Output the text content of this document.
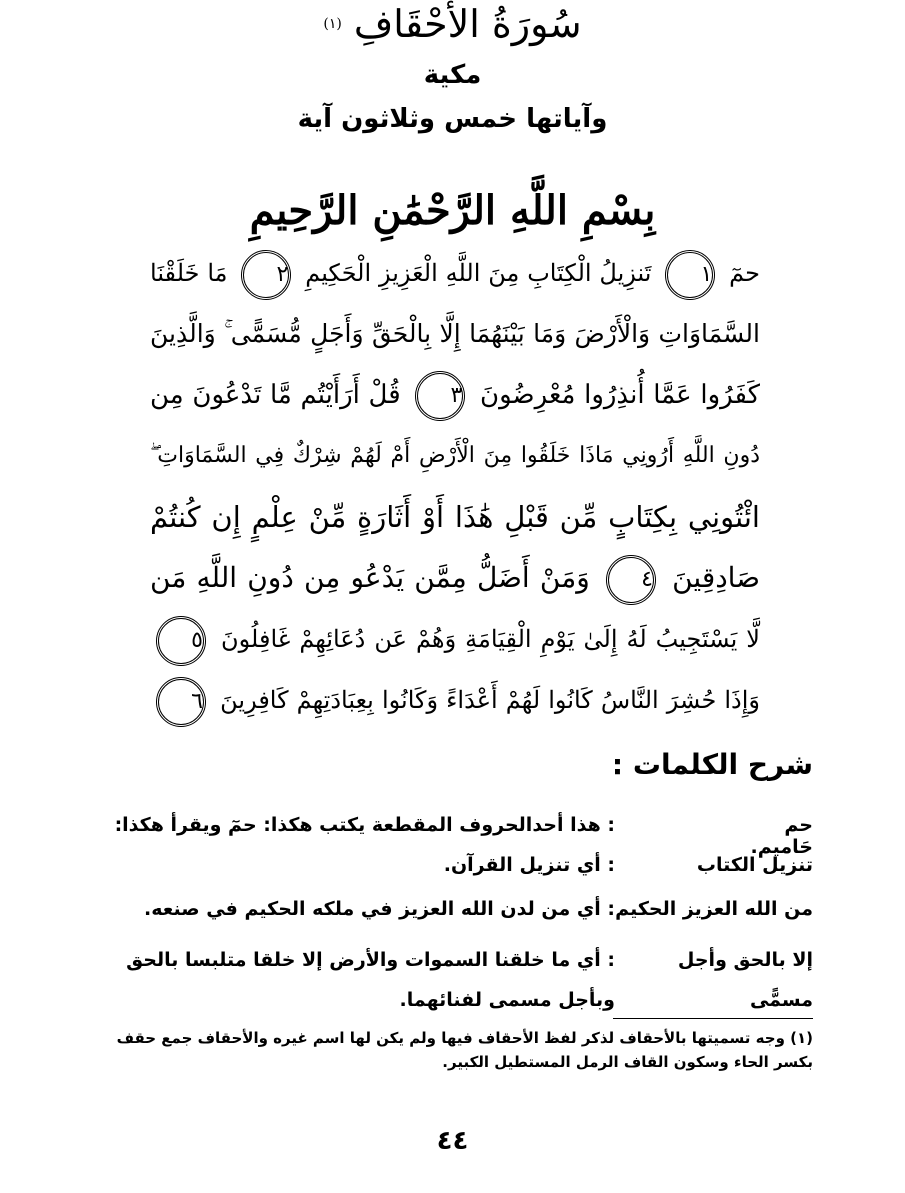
سُورَةُ الأَحْقَافِ $^{(١)}$
مكية
وآياتها خمس وثلاثون آية
بِسْمِ اللَّهِ الرَّحْمَٰنِ الرَّحِيمِ
حمٓ ١ تَنزِيلُ الْكِتَابِ مِنَ اللَّهِ الْعَزِيزِ الْحَكِيمِ ٢ مَا خَلَقْنَا
السَّمَاوَاتِ وَالْأَرْضَ وَمَا بَيْنَهُمَا إِلَّا بِالْحَقِّ وَأَجَلٍ مُّسَمًّى ۚ وَالَّذِينَ
كَفَرُوا عَمَّا أُنذِرُوا مُعْرِضُونَ ٣ قُلْ أَرَأَيْتُم مَّا تَدْعُونَ مِن
دُونِ اللَّهِ أَرُونِي مَاذَا خَلَقُوا مِنَ الْأَرْضِ أَمْ لَهُمْ شِرْكٌ فِي السَّمَاوَاتِ ۖ
ائْتُونِي بِكِتَابٍ مِّن قَبْلِ هَٰذَا أَوْ أَثَارَةٍ مِّنْ عِلْمٍ إِن كُنتُمْ
صَادِقِينَ ٤ وَمَنْ أَضَلُّ مِمَّن يَدْعُو مِن دُونِ اللَّهِ مَن
لَّا يَسْتَجِيبُ لَهُ إِلَىٰ يَوْمِ الْقِيَامَةِ وَهُمْ عَن دُعَائِهِمْ غَافِلُونَ ٥
وَإِذَا حُشِرَ النَّاسُ كَانُوا لَهُمْ أَعْدَاءً وَكَانُوا بِعِبَادَتِهِمْ كَافِرِينَ ٦
شرح الكلمات :
حم: هذا أحدالحروف المقطعة يكتب هكذا: حمٓ ويقرأ هكذا: حَاميم.
تنزيل الكتاب: أي تنزيل القرآن.
من الله العزيز الحكيم: أي من لدن الله العزيز في ملكه الحكيم في صنعه.
إلا بالحق وأجل مسمًّى: أي ما خلقنا السموات والأرض إلا خلقا متلبسا بالحق وبأجل مسمى لفنائهما.
(١) وجه تسميتها بالأحقاف لذكر لفظ الأحقاف فيها ولم يكن لها اسم غيره والأحقاف جمع حقف بكسر الحاء وسكون القاف الرمل المستطيل الكبير.
٤٤
